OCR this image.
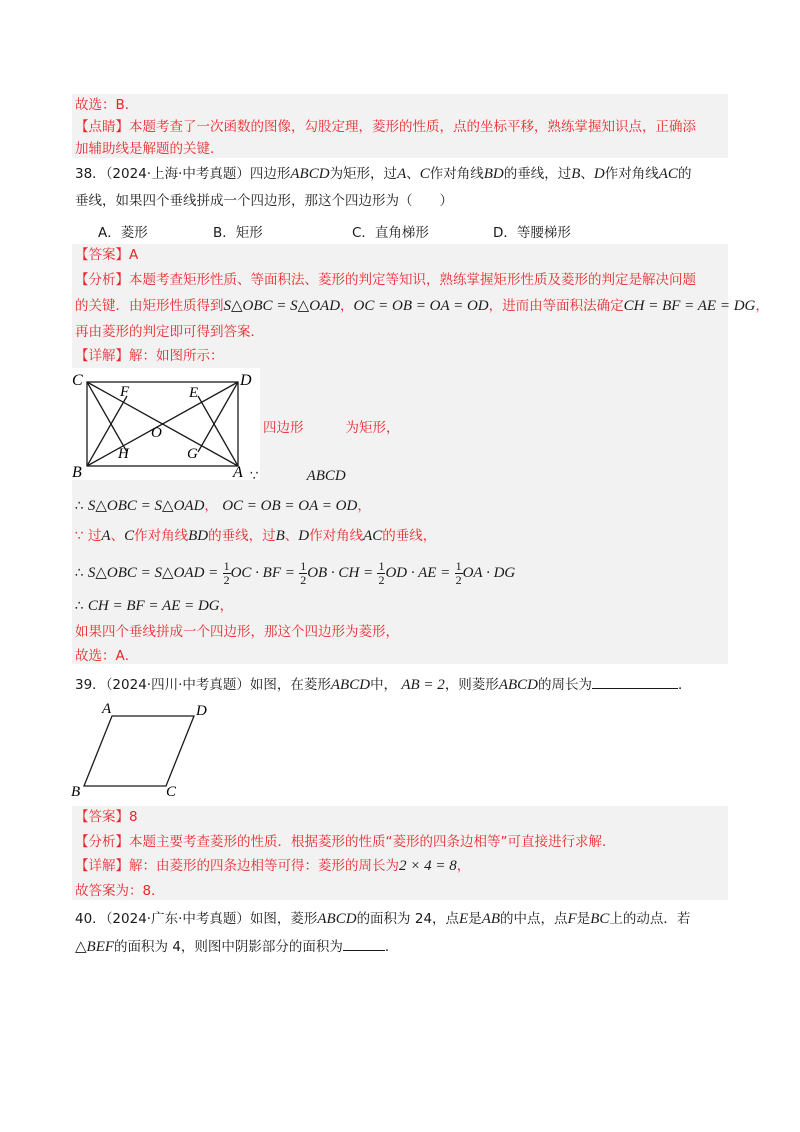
故选：B．
【点睛】本题考查了一次函数的图像，勾股定理，菱形的性质，点的坐标平移，熟练掌握知识点，正确添
加辅助线是解题的关键．
38．（2024·上海·中考真题）四边形ABCD为矩形，过A、C作对角线BD的垂线，过B、D作对角线AC的
垂线，如果四个垂线拼成一个四边形，那这个四边形为（　　）
A．菱形	B．矩形	C．直角梯形	D．等腰梯形
【答案】A
【分析】本题考查矩形性质、等面积法、菱形的判定等知识，熟练掌握矩形性质及菱形的判定是解决问题
的关键．由矩形性质得到S△OBC = S△OAD，OC = OB = OA = OD，进而由等面积法确定CH = BF = AE = DG，
再由菱形的判定即可得到答案．
【详解】解：如图所示：
C	D
B	A
F	E
O
H	G
四边形	为矩形，
∵	ABCD
∴ S△OBC = S△OAD， OC = OB = OA = OD，
∵ 过A、C作对角线BD的垂线，过B、D作对角线AC的垂线，
∴ S△OBC = S△OAD = $\frac{1}{2}$ OC · BF = $\frac{1}{2}$ OB · CH = $\frac{1}{2}$ OD · AE = $\frac{1}{2}$ OA · DG
∴ CH = BF = AE = DG，
如果四个垂线拼成一个四边形，那这个四边形为菱形，
故选：A．
39．（2024·四川·中考真题）如图，在菱形ABCD中， AB = 2，则菱形ABCD的周长为	．
A	D
B	C
【答案】8
【分析】本题主要考查菱形的性质．根据菱形的性质“菱形的四条边相等”可直接进行求解．
【详解】解：由菱形的四条边相等可得：菱形的周长为2 × 4 = 8，
故答案为：8．
40．（2024·广东·中考真题）如图，菱形ABCD的面积为 24，点E是AB的中点，点F是BC上的动点．若
△BEF的面积为 4，则图中阴影部分的面积为	．
